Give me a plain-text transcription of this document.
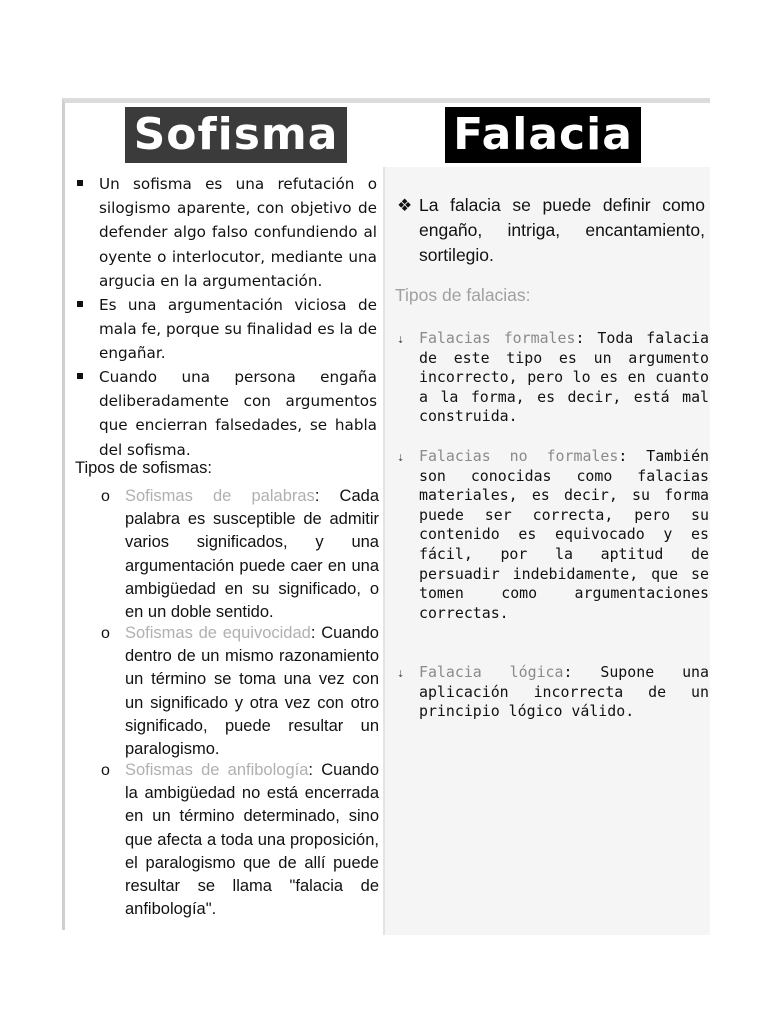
Sofisma	Falacia
Un sofisma es una refutación o silogismo aparente, con objetivo de defender algo falso confundiendo al oyente o interlocutor, mediante una argucia en la argumentación.
Es una argumentación viciosa de mala fe, porque su finalidad es la de engañar.
Cuando una persona engaña deliberadamente con argumentos que encierran falsedades, se habla del sofisma.
Tipos de sofismas:
o Sofismas de palabras: Cada palabra es susceptible de admitir varios significados, y una argumentación puede caer en una ambigüedad en su significado, o en un doble sentido.
o Sofismas de equivocidad: Cuando dentro de un mismo razonamiento un término se toma una vez con un significado y otra vez con otro significado, puede resultar un paralogismo.
o Sofismas de anfibología: Cuando la ambigüedad no está encerrada en un término determinado, sino que afecta a toda una proposición, el paralogismo que de allí puede resultar se llama "falacia de anfibología".
❖ La falacia se puede definir como engaño, intriga, encantamiento, sortilegio.
Tipos de falacias:
⇣ Falacias formales: Toda falacia de este tipo es un argumento incorrecto, pero lo es en cuanto a la forma, es decir, está mal construida.
⇣ Falacias no formales: También son conocidas como falacias materiales, es decir, su forma puede ser correcta, pero su contenido es equivocado y es fácil, por la aptitud de persuadir indebidamente, que se tomen como argumentaciones correctas.
⇣ Falacia lógica: Supone una aplicación incorrecta de un principio lógico válido.
